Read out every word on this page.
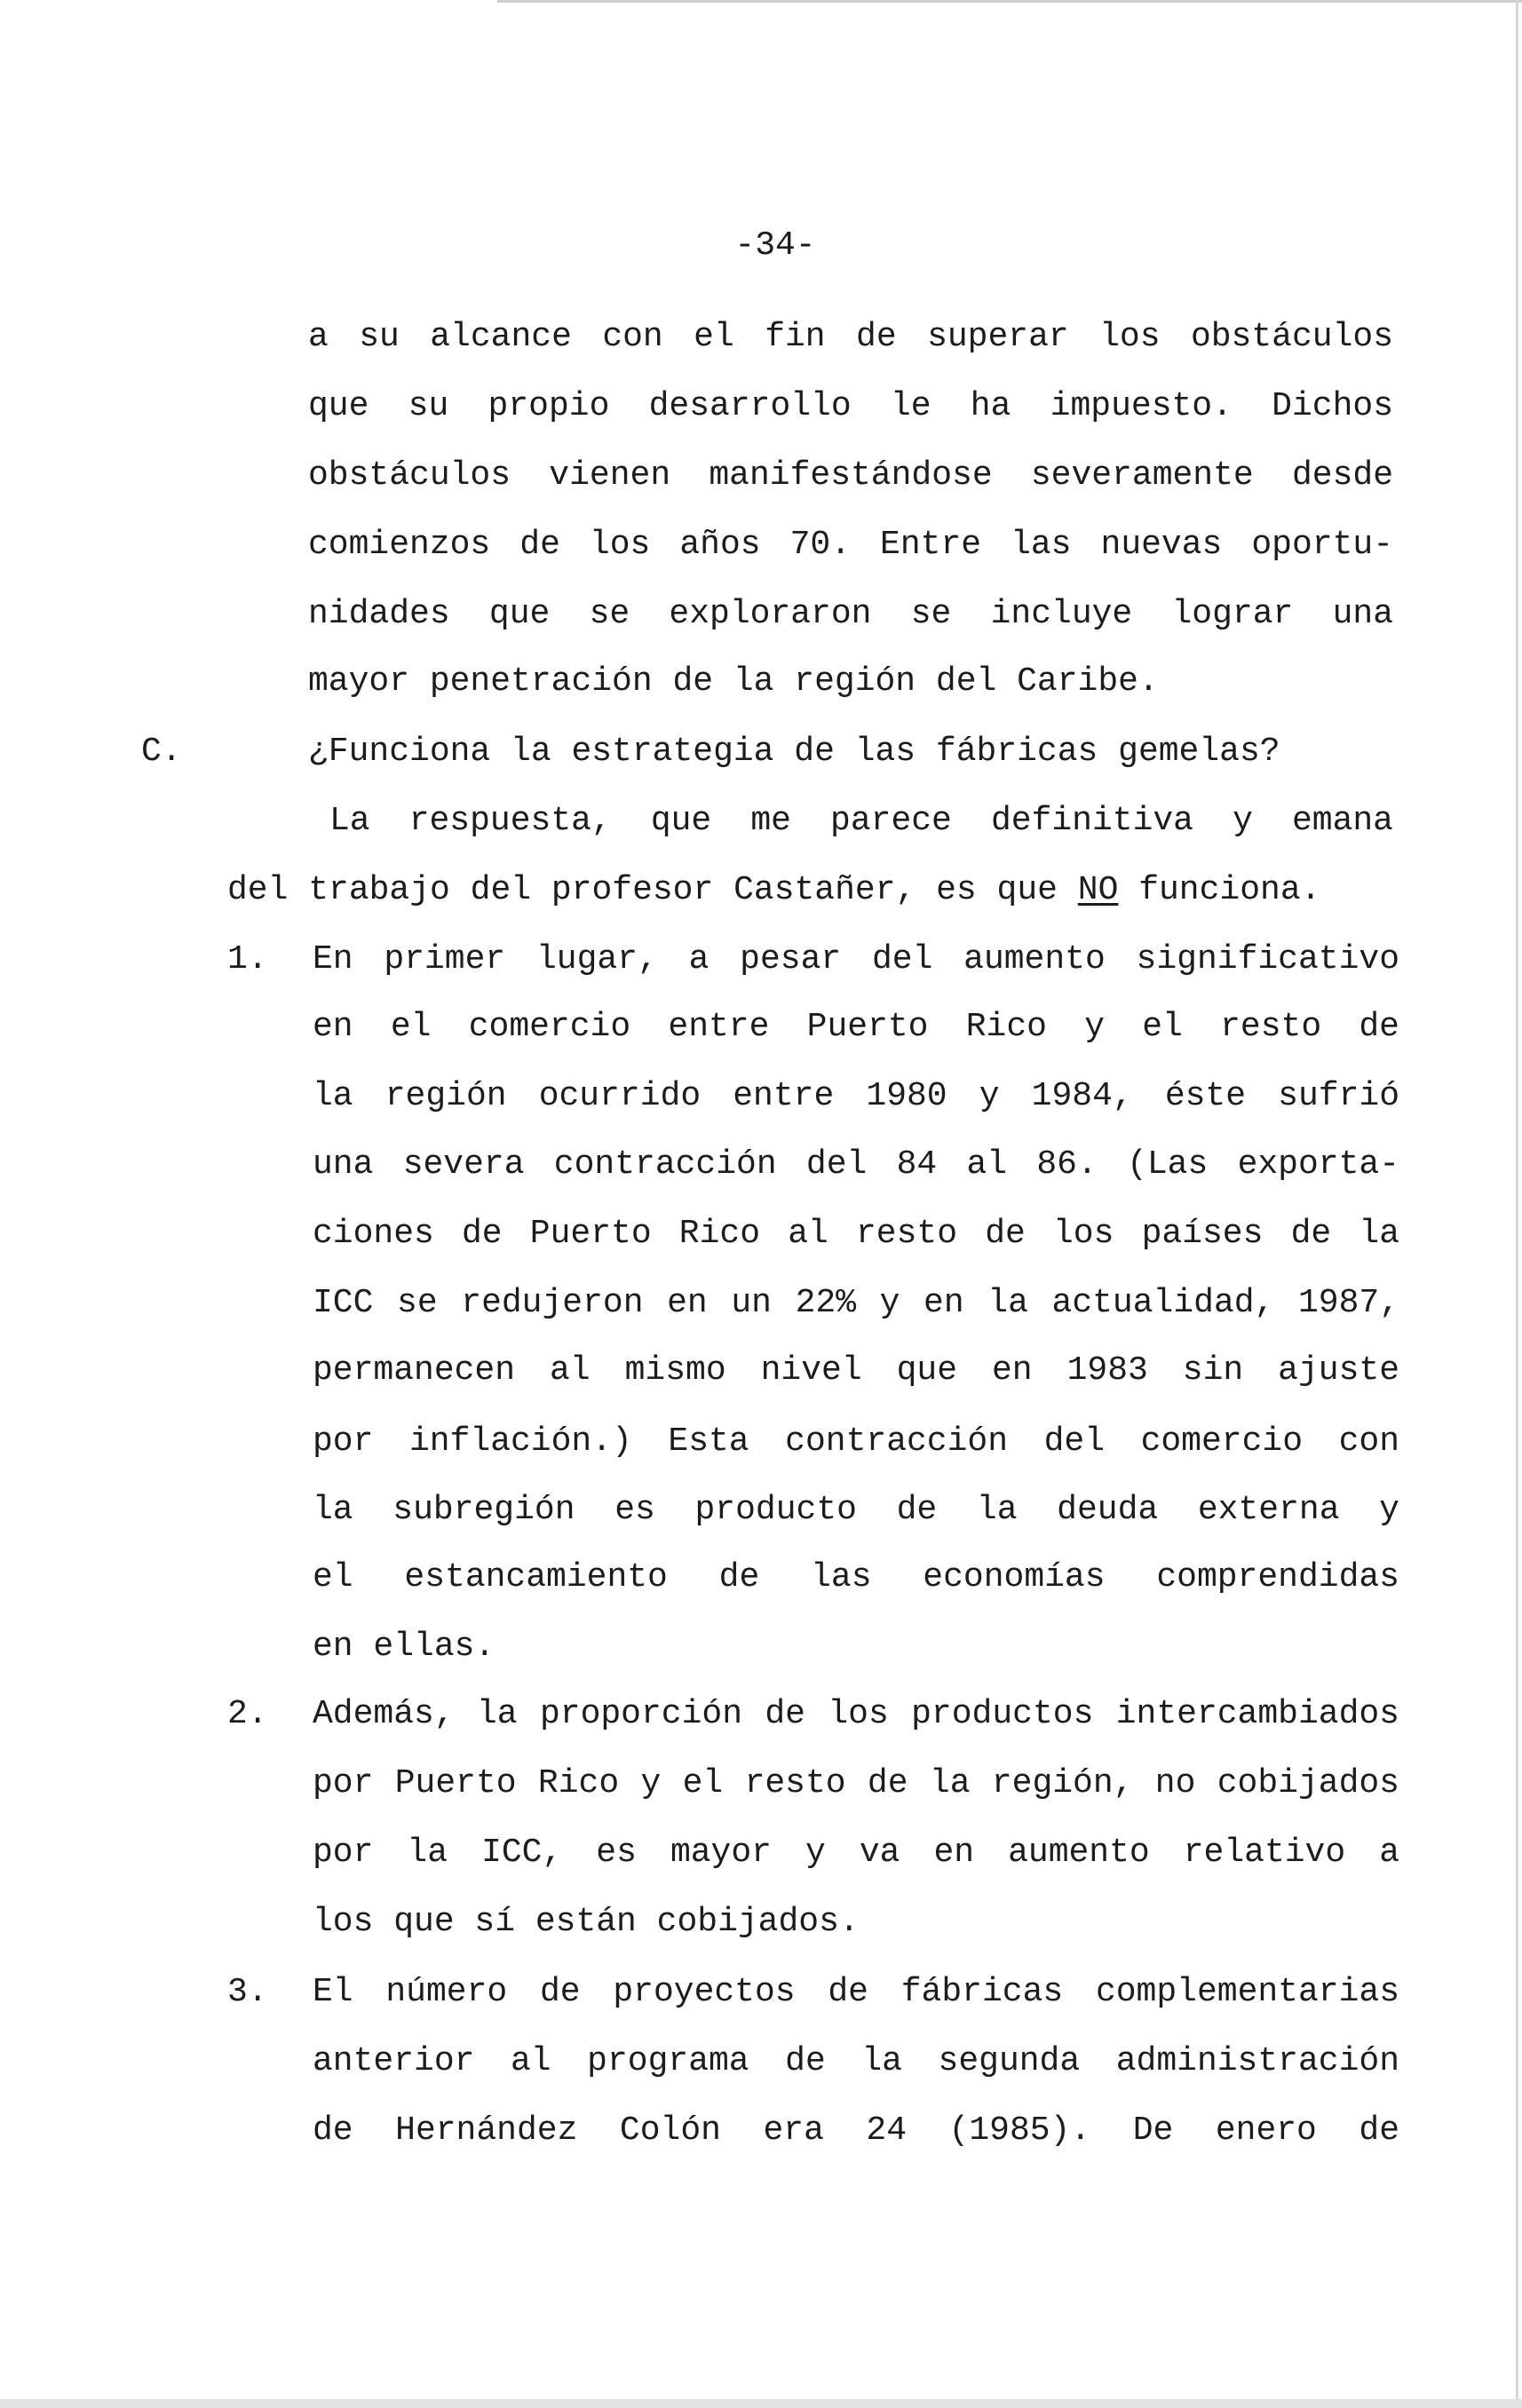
-34-
a su alcance con el fin de superar los obstáculos
que su propio desarrollo le ha impuesto. Dichos
obstáculos vienen manifestándose severamente desde
comienzos de los años 70. Entre las nuevas oportu-
nidades que se exploraron se incluye lograr una
mayor penetración de la región del Caribe.
C.	¿Funciona la estrategia de las fábricas gemelas?
La respuesta, que me parece definitiva y emana
del trabajo del profesor Castañer, es que NO funciona.
1. En primer lugar, a pesar del aumento significativo
en el comercio entre Puerto Rico y el resto de
la región ocurrido entre 1980 y 1984, éste sufrió
una severa contracción del 84 al 86. (Las exporta-
ciones de Puerto Rico al resto de los países de la
ICC se redujeron en un 22% y en la actualidad, 1987,
permanecen al mismo nivel que en 1983 sin ajuste
por inflación.) Esta contracción del comercio con
la subregión es producto de la deuda externa y
el estancamiento de las economías comprendidas
en ellas.
2. Además, la proporción de los productos intercambiados
por Puerto Rico y el resto de la región, no cobijados
por la ICC, es mayor y va en aumento relativo a
los que sí están cobijados.
3. El número de proyectos de fábricas complementarias
anterior al programa de la segunda administración
de Hernández Colón era 24 (1985). De enero de
